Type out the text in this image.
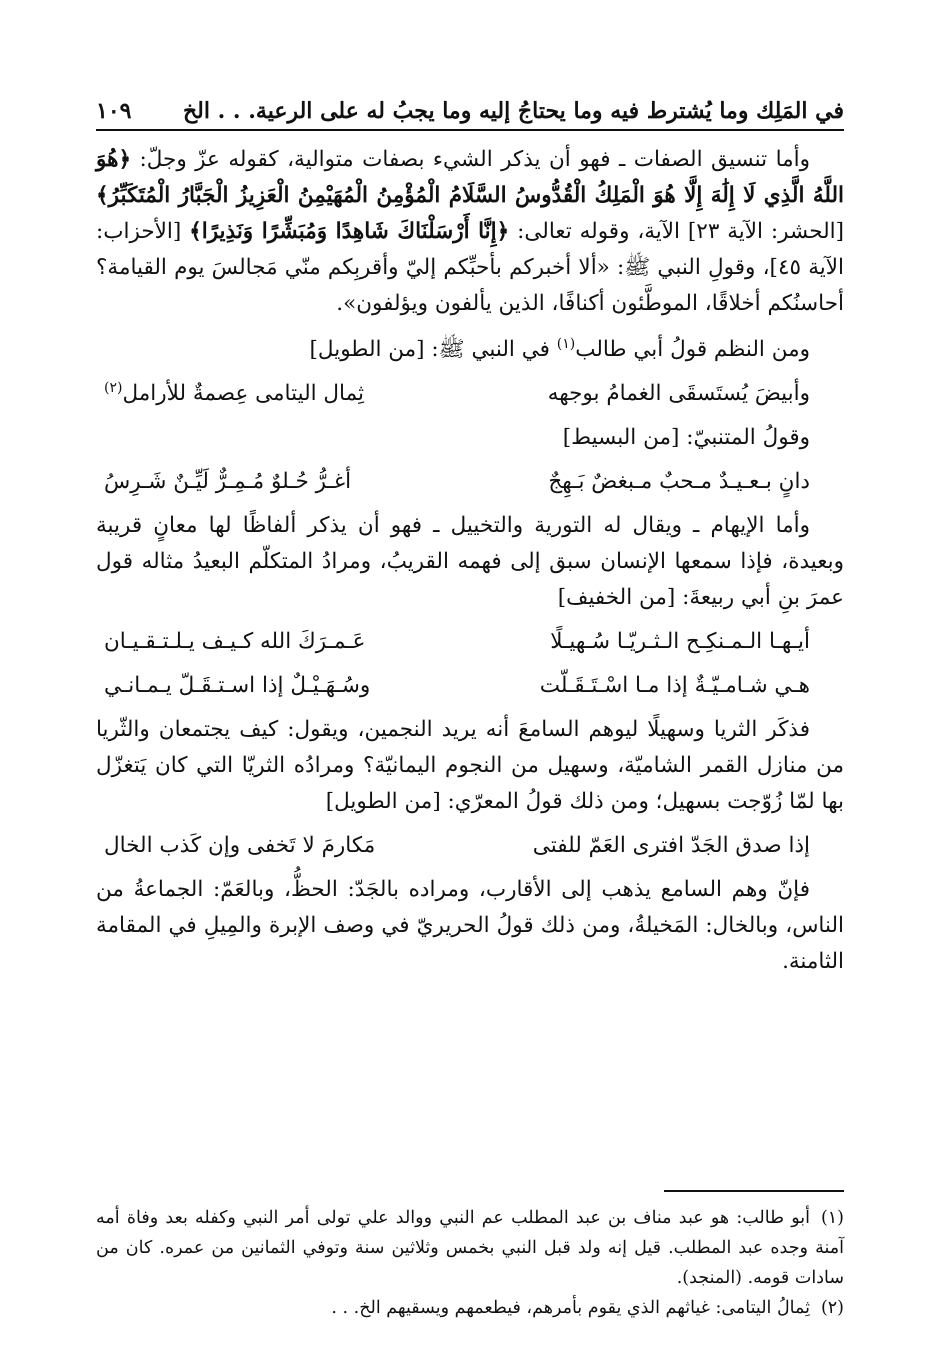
في المَلِك وما يُشترط فيه وما يحتاجُ إليه وما يجبُ له على الرعية. . . الخ
١٠٩

وأما تنسيق الصفات ـ فهو أن يذكر الشيء بصفات متوالية، كقوله عزّ وجلّ: ﴿هُوَ اللَّهُ الَّذِي لَا إِلَٰهَ إِلَّا هُوَ الْمَلِكُ الْقُدُّوسُ السَّلَامُ الْمُؤْمِنُ الْمُهَيْمِنُ الْعَزِيزُ الْجَبَّارُ الْمُتَكَبِّرُ﴾ [الحشر: الآية ٢٣] الآية، وقوله تعالى: ﴿إِنَّا أَرْسَلْنَاكَ شَاهِدًا وَمُبَشِّرًا وَنَذِيرًا﴾ [الأحزاب: الآية ٤٥]، وقولِ النبي ﷺ: «ألا أخبركم بأحبِّكم إليّ وأقربِكم منّي مَجالسَ يوم القيامة؟ أحاسنُكم أخلاقًا، الموطَّئون أكنافًا، الذين يألفون ويؤلفون».

ومن النظم قولُ أبي طالب$^{(١)}$ في النبي ﷺ: [من الطويل]

وأبيضَ يُستَسقَى الغمامُ بوجهه
ثِمال اليتامى عِصمةٌ للأرامل$^{(٢)}$

وقولُ المتنبيّ: [من البسيط]

دانٍ بـعـيـدٌ مـحبٌ مـبغضٌ بَـهِجٌ
أغـرُّ حُـلوٌ مُـمِـرٌّ لَيِّـنٌ شَـرِسُ

وأما الإيهام ـ ويقال له التورية والتخييل ـ فهو أن يذكر ألفاظًا لها معانٍ قريبة وبعيدة، فإذا سمعها الإنسان سبق إلى فهمه القريبُ، ومرادُ المتكلّم البعيدُ مثاله قول عمرَ بنِ أبي ربيعةَ: [من الخفيف]

أيـهـا الـمـنكِـح الـثـريّـا سُـهيـلًا
عَـمـرَكَ الله كـيـف يـلـتـقـيـان
هـي شـامـيّـةٌ إذا مـا اسْـتَـقَـلّت
وسُـهَـيْـلٌ إذا اسـتـقَـلّ يـمـانـي

فذكَر الثريا وسهيلًا ليوهم السامعَ أنه يريد النجمين، ويقول: كيف يجتمعان والثّريا من منازل القمر الشاميّة، وسهيل من النجوم اليمانيّة؟ ومرادُه الثريّا التي كان يَتغزّل بها لمّا زُوّجت بسهيل؛ ومن ذلك قولُ المعرّي: [من الطويل]

إذا صدق الجَدّ افترى العَمّ للفتى
مَكارمَ لا تَخفى وإن كَذب الخال

فإنّ وهم السامع يذهب إلى الأقارب، ومراده بالجَدّ: الحظُّ، وبالعَمّ: الجماعةُ من الناس، وبالخال: المَخيلةُ، ومن ذلك قولُ الحريريّ في وصف الإبرة والمِيلِ في المقامة الثامنة.

(١)أبو طالب: هو عبد مناف بن عبد المطلب عم النبي ووالد علي تولى أمر النبي وكفله بعد وفاة أمه آمنة وجده عبد المطلب. قيل إنه ولد قبل النبي بخمس وثلاثين سنة وتوفي الثمانين من عمره. كان من سادات قومه. (المنجد).

(٢)ثِمالُ اليتامى: غياثهم الذي يقوم بأمرهم، فيطعمهم ويسقيهم الخ. . .
